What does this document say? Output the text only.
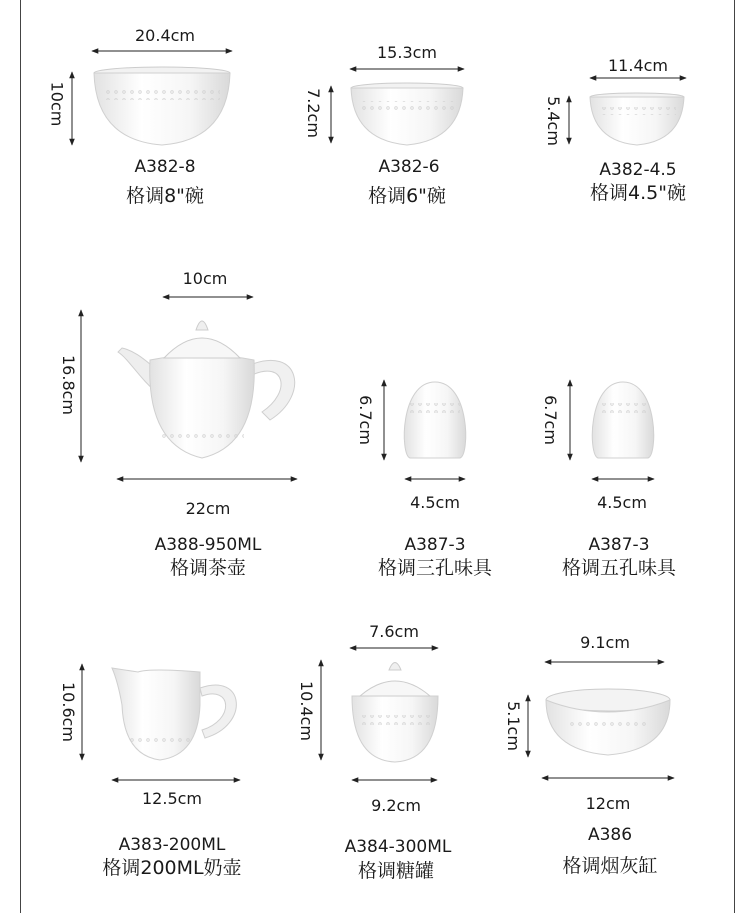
20.4cm
10cm
A382-8
格调8"碗
15.3cm
7.2cm
A382-6
格调6"碗
11.4cm
5.4cm
A382-4.5
格调4.5"碗
10cm
16.8cm
22cm
A388-950ML
格调茶壶
6.7cm
4.5cm
A387-3
格调三孔味具
6.7cm
4.5cm
A387-3
格调五孔味具
10.6cm
12.5cm
A383-200ML
格调200ML奶壶
7.6cm
10.4cm
9.2cm
A384-300ML
格调糖罐
9.1cm
5.1cm
12cm
A386
格调烟灰缸
